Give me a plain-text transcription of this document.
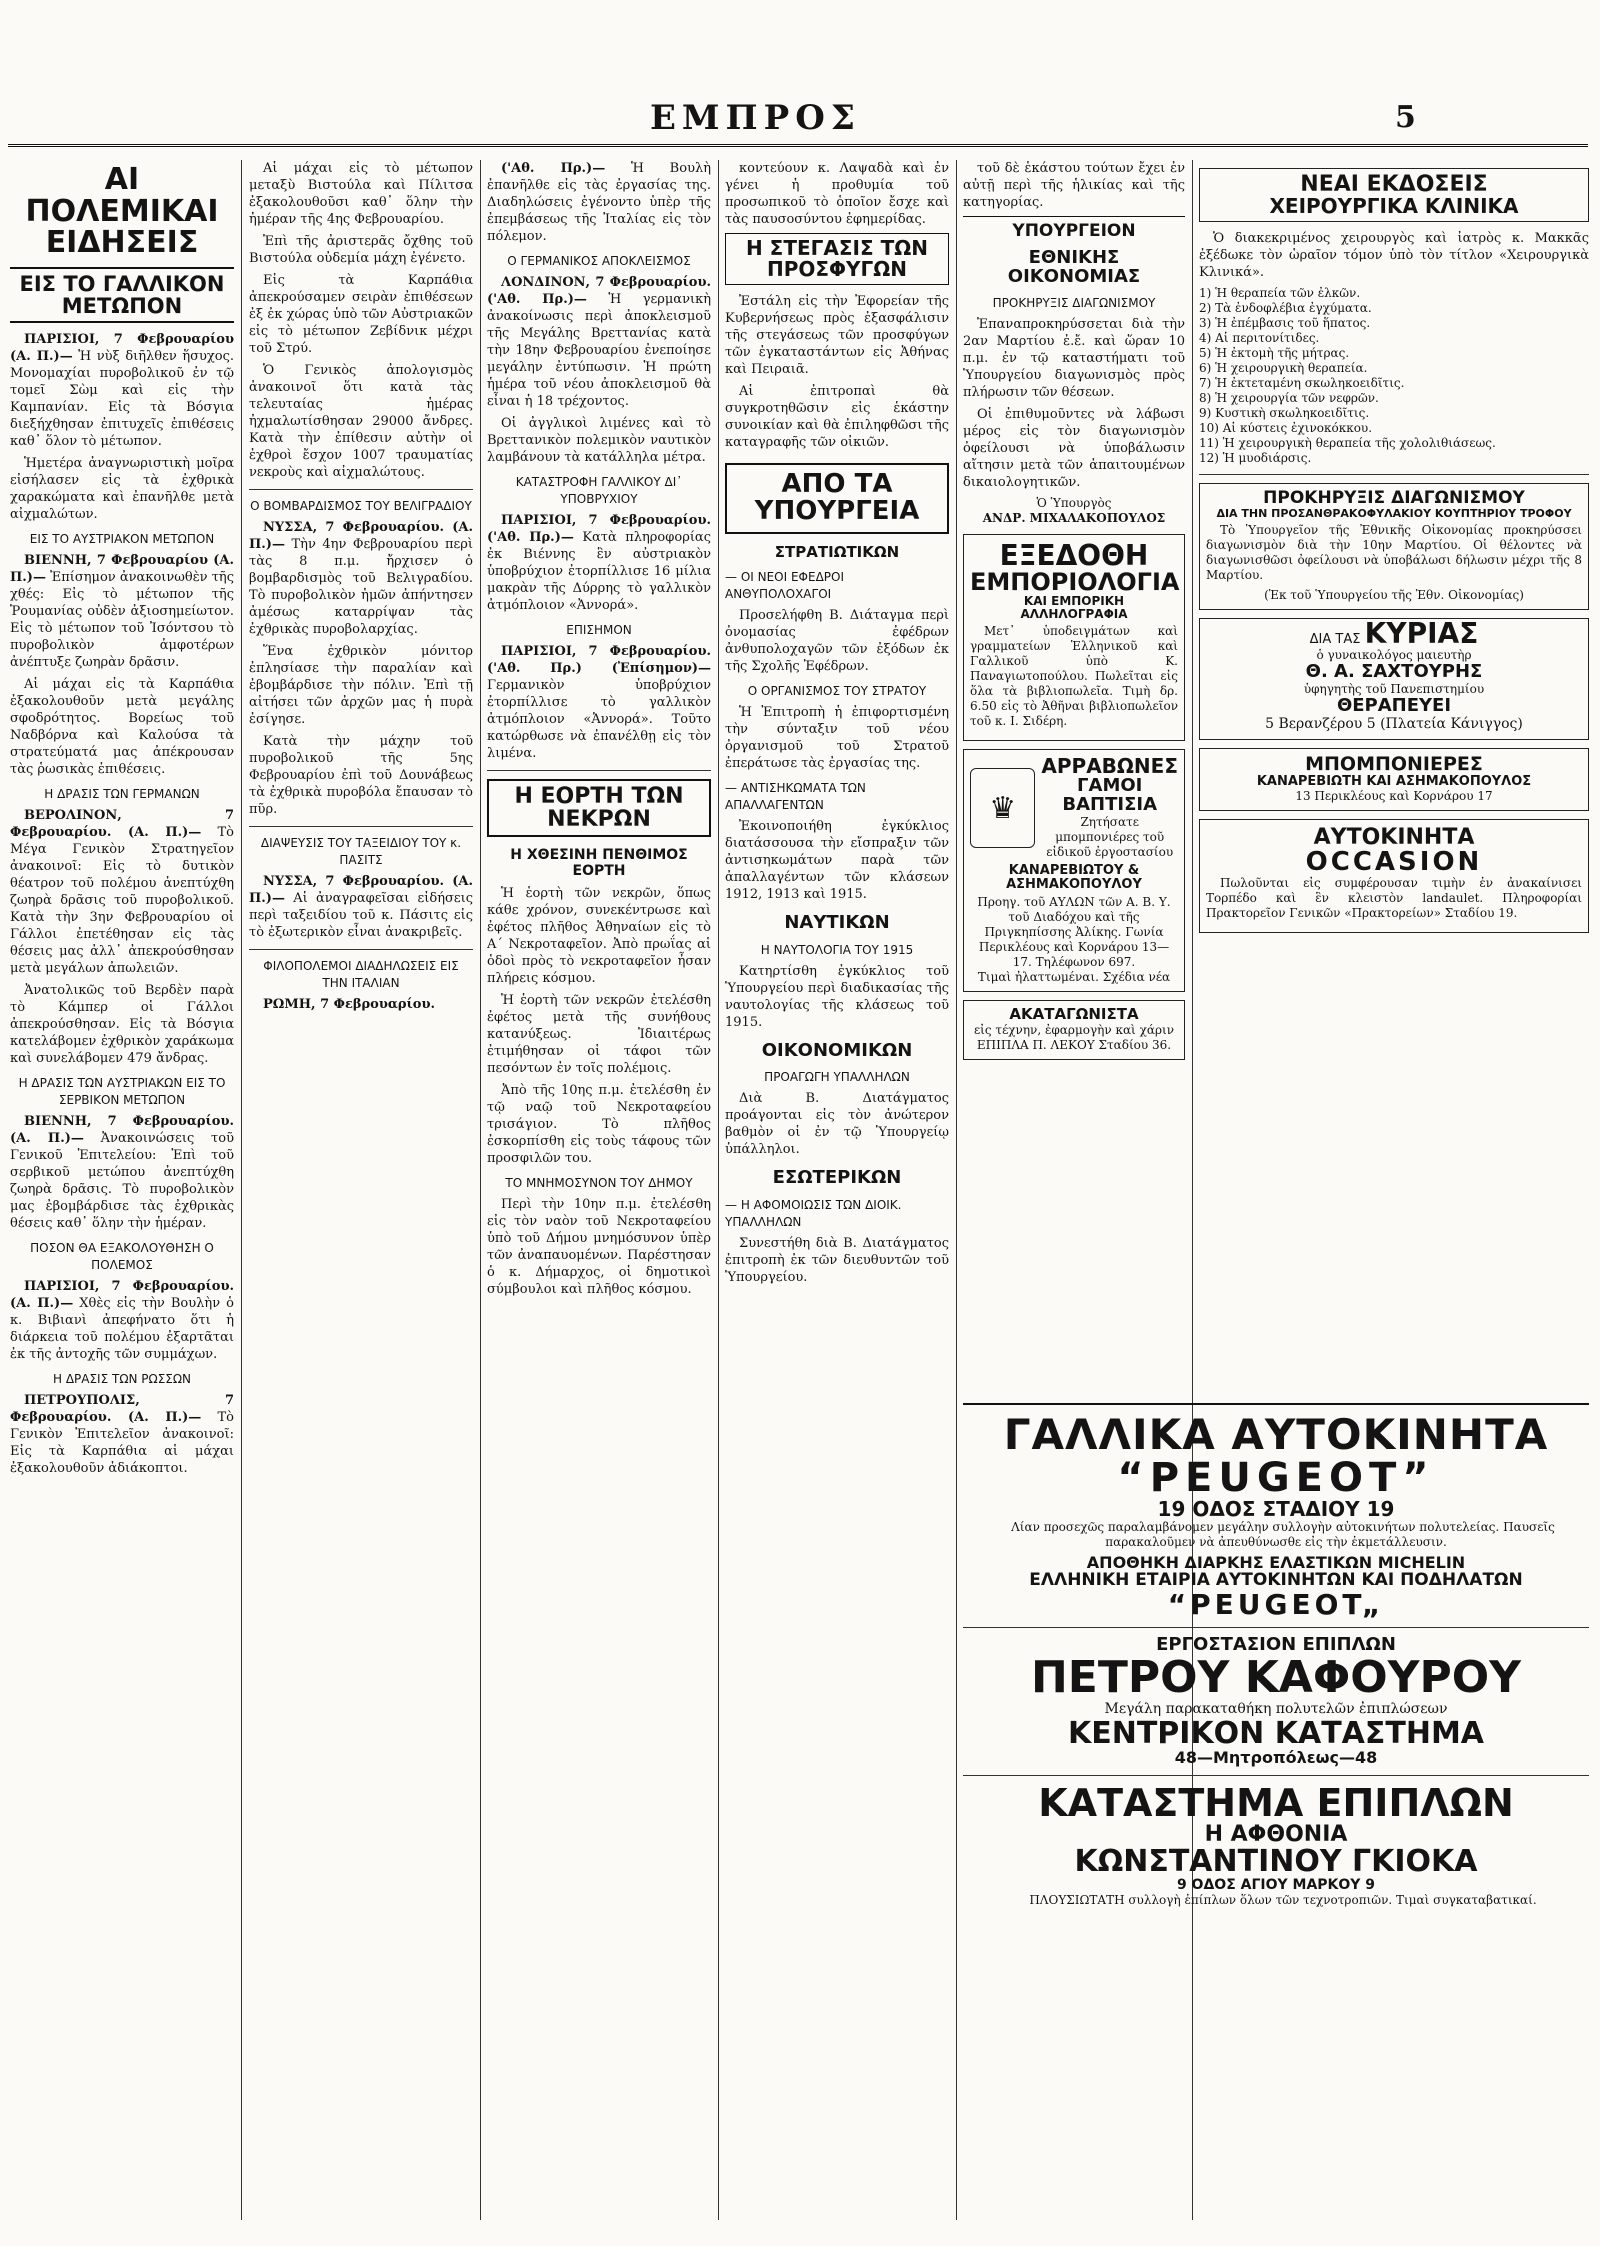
ΕΜΠΡΟΣ	5
ΑΙ ΠΟΛΕΜΙΚΑΙ ΕΙΔΗΣΕΙΣ
ΕΙΣ ΤΟ ΓΑΛΛΙΚΟΝ ΜΕΤΩΠΟΝ

ΠΑΡΙΣΙΟΙ, 7 Φεβρουαρίου (Α. Π.)— Ἡ νὺξ διῆλθεν ἥσυχος. Μονομαχίαι πυροβολικοῦ ἐν τῷ τομεῖ Σὼμ καὶ εἰς τὴν Καμπανίαν. Εἰς τὰ Βόσγια διεξήχθησαν ἐπιτυχεῖς ἐπιθέσεις καθ᾽ ὅλον τὸ μέτωπον.

Ἡμετέρα ἀναγνωριστικὴ μοῖρα εἰσήλασεν εἰς τὰ ἐχθρικὰ χαρακώματα καὶ ἐπανῆλθε μετὰ αἰχμαλώτων.

ΕΙΣ ΤΟ ΑΥΣΤΡΙΑΚΟΝ ΜΕΤΩΠΟΝ

ΒΙΕΝΝΗ, 7 Φεβρουαρίου (Α. Π.)— Ἐπίσημον ἀνακοινωθὲν τῆς χθές: Εἰς τὸ μέτωπον τῆς Ῥουμανίας οὐδὲν ἀξιοσημείωτον. Εἰς τὸ μέτωπον τοῦ Ἰσόντσου τὸ πυροβολικὸν ἀμφοτέρων ἀνέπτυξε ζωηρὰν δρᾶσιν.

Αἱ μάχαι εἰς τὰ Καρπάθια ἐξακολουθοῦν μετὰ μεγάλης σφοδρότητος. Βορείως τοῦ Ναδβόρνα καὶ Καλούσα τὰ στρατεύματά μας ἀπέκρουσαν τὰς ῥωσικὰς ἐπιθέσεις.

Η ΔΡΑΣΙΣ ΤΩΝ ΓΕΡΜΑΝΩΝ

ΒΕΡΟΛΙΝΟΝ, 7 Φεβρουαρίου. (Α. Π.)— Τὸ Μέγα Γενικὸν Στρατηγεῖον ἀνακοινοῖ: Εἰς τὸ δυτικὸν θέατρον τοῦ πολέμου ἀνεπτύχθη ζωηρὰ δρᾶσις τοῦ πυροβολικοῦ. Κατὰ τὴν 3ην Φεβρουαρίου οἱ Γάλλοι ἐπετέθησαν εἰς τὰς θέσεις μας ἀλλ᾽ ἀπεκρούσθησαν μετὰ μεγάλων ἀπωλειῶν.

Ἀνατολικῶς τοῦ Βερδὲν παρὰ τὸ Κάμπερ οἱ Γάλλοι ἀπεκρούσθησαν. Εἰς τὰ Βόσγια κατελάβομεν ἐχθρικὸν χαράκωμα καὶ συνελάβομεν 479 ἄνδρας.

Η ΔΡΑΣΙΣ ΤΩΝ ΑΥΣΤΡΙΑΚΩΝ ΕΙΣ ΤΟ ΣΕΡΒΙΚΟΝ ΜΕΤΩΠΟΝ

ΒΙΕΝΝΗ, 7 Φεβρουαρίου. (Α. Π.)— Ἀνακοινώσεις τοῦ Γενικοῦ Ἐπιτελείου: Ἐπὶ τοῦ σερβικοῦ μετώπου ἀνεπτύχθη ζωηρὰ δρᾶσις. Τὸ πυροβολικὸν μας ἐβομβάρδισε τὰς ἐχθρικὰς θέσεις καθ᾽ ὅλην τὴν ἡμέραν.

ΠΟΣΟΝ ΘΑ ΕΞΑΚΟΛΟΥΘΗΣΗ Ο ΠΟΛΕΜΟΣ

ΠΑΡΙΣΙΟΙ, 7 Φεβρουαρίου. (Α. Π.)— Χθὲς εἰς τὴν Βουλὴν ὁ κ. Βιβιανὶ ἀπεφήνατο ὅτι ἡ διάρκεια τοῦ πολέμου ἐξαρτᾶται ἐκ τῆς ἀντοχῆς τῶν συμμάχων.

Η ΔΡΑΣΙΣ ΤΩΝ ΡΩΣΣΩΝ

ΠΕΤΡΟΥΠΟΛΙΣ, 7 Φεβρουαρίου. (Α. Π.)— Τὸ Γενικὸν Ἐπιτελεῖον ἀνακοινοῖ: Εἰς τὰ Καρπάθια αἱ μάχαι ἐξακολουθοῦν ἀδιάκοπτοι.

Αἱ μάχαι εἰς τὸ μέτωπον μεταξὺ Βιστούλα καὶ Πίλιτσα ἐξακολουθοῦσι καθ᾽ ὅλην τὴν ἡμέραν τῆς 4ης Φεβρουαρίου.

Ἐπὶ τῆς ἀριστερᾶς ὄχθης τοῦ Βιστούλα οὐδεμία μάχη ἐγένετο.

Εἰς τὰ Καρπάθια ἀπεκρούσαμεν σειρὰν ἐπιθέσεων ἐξ ἐκ χώρας ὑπὸ τῶν Αὐστριακῶν εἰς τὸ μέτωπον Ζεβίδνικ μέχρι τοῦ Στρύ.

Ὁ Γενικὸς ἀπολογισμὸς ἀνακοινοῖ ὅτι κατὰ τὰς τελευταίας ἡμέρας ἠχμαλωτίσθησαν 29000 ἄνδρες. Κατὰ τὴν ἐπίθεσιν αὐτὴν οἱ ἐχθροὶ ἔσχον 1007 τραυματίας νεκροὺς καὶ αἰχμαλώτους.

Ο ΒΟΜΒΑΡΔΙΣΜΟΣ ΤΟΥ ΒΕΛΙΓΡΑΔΙΟΥ

ΝΥΣΣΑ, 7 Φεβρουαρίου. (Α. Π.)— Τὴν 4ην Φεβρουαρίου περὶ τὰς 8 π.μ. ἤρχισεν ὁ βομβαρδισμὸς τοῦ Βελιγραδίου. Τὸ πυροβολικὸν ἡμῶν ἀπήντησεν ἀμέσως καταρρίψαν τὰς ἐχθρικὰς πυροβολαρχίας.

Ἕνα ἐχθρικὸν μόνιτορ ἐπλησίασε τὴν παραλίαν καὶ ἐβομβάρδισε τὴν πόλιν. Ἐπὶ τῇ αἰτήσει τῶν ἀρχῶν μας ἡ πυρὰ ἐσίγησε.

Κατὰ τὴν μάχην τοῦ πυροβολικοῦ τῆς 5ης Φεβρουαρίου ἐπὶ τοῦ Δουνάβεως τὰ ἐχθρικὰ πυροβόλα ἔπαυσαν τὸ πῦρ.

ΔΙΑΨΕΥΣΙΣ ΤΟΥ ΤΑΞΕΙΔΙΟΥ ΤΟΥ κ. ΠΑΣΙΤΣ

ΝΥΣΣΑ, 7 Φεβρουαρίου. (Α. Π.)— Αἱ ἀναγραφεῖσαι εἰδήσεις περὶ ταξειδίου τοῦ κ. Πάσιτς εἰς τὸ ἐξωτερικὸν εἶναι ἀνακριβεῖς.

ΦΙΛΟΠΟΛΕΜΟΙ ΔΙΑΔΗΛΩΣΕΙΣ ΕΙΣ ΤΗΝ ΙΤΑΛΙΑΝ

ΡΩΜΗ, 7 Φεβρουαρίου.

('Αθ. Πρ.)— Ἡ Βουλὴ ἐπανῆλθε εἰς τὰς ἐργασίας της. Διαδηλώσεις ἐγένοντο ὑπὲρ τῆς ἐπεμβάσεως τῆς Ἰταλίας εἰς τὸν πόλεμον.

Ο ΓΕΡΜΑΝΙΚΟΣ ΑΠΟΚΛΕΙΣΜΟΣ

ΛΟΝΔΙΝΟΝ, 7 Φεβρουαρίου. ('Αθ. Πρ.)— Ἡ γερμανικὴ ἀνακοίνωσις περὶ ἀποκλεισμοῦ τῆς Μεγάλης Βρεττανίας κατὰ τὴν 18ην Φεβρουαρίου ἐνεποίησε μεγάλην ἐντύπωσιν. Ἡ πρώτη ἡμέρα τοῦ νέου ἀποκλεισμοῦ θὰ εἶναι ἡ 18 τρέχοντος.

Οἱ ἀγγλικοὶ λιμένες καὶ τὸ Βρεττανικὸν πολεμικὸν ναυτικὸν λαμβάνουν τὰ κατάλληλα μέτρα.

ΚΑΤΑΣΤΡΟΦΗ ΓΑΛΛΙΚΟΥ ΔΙ᾽ ΥΠΟΒΡΥΧΙΟΥ

ΠΑΡΙΣΙΟΙ, 7 Φεβρουαρίου. ('Αθ. Πρ.)— Κατὰ πληροφορίας ἐκ Βιέννης ἓν αὐστριακὸν ὑποβρύχιον ἐτορπίλλισε 16 μίλια μακρὰν τῆς Δύρρης τὸ γαλλικὸν ἀτμόπλοιον «Ἀννορά».

ΕΠΙΣΗΜΟΝ

ΠΑΡΙΣΙΟΙ, 7 Φεβρουαρίου. ('Αθ. Πρ.) (Ἐπίσημον)— Γερμανικὸν ὑποβρύχιον ἐτορπίλλισε τὸ γαλλικὸν ἀτμόπλοιον «Ἀννορά». Τοῦτο κατώρθωσε νὰ ἐπανέλθῃ εἰς τὸν λιμένα.

Η ΕΟΡΤΗ ΤΩΝ ΝΕΚΡΩΝ
Η ΧΘΕΣΙΝΗ ΠΕΝΘΙΜΟΣ ΕΟΡΤΗ

Ἡ ἑορτὴ τῶν νεκρῶν, ὅπως κάθε χρόνον, συνεκέντρωσε καὶ ἐφέτος πλῆθος Ἀθηναίων εἰς τὸ Α΄ Νεκροταφεῖον. Ἀπὸ πρωΐας αἱ ὁδοὶ πρὸς τὸ νεκροταφεῖον ἦσαν πλήρεις κόσμου.

Ἡ ἑορτὴ τῶν νεκρῶν ἐτελέσθη ἐφέτος μετὰ τῆς συνήθους κατανύξεως. Ἰδιαιτέρως ἐτιμήθησαν οἱ τάφοι τῶν πεσόντων ἐν τοῖς πολέμοις.

Ἀπὸ τῆς 10ης π.μ. ἐτελέσθη ἐν τῷ ναῷ τοῦ Νεκροταφείου τρισάγιον. Τὸ πλῆθος ἐσκορπίσθη εἰς τοὺς τάφους τῶν προσφιλῶν του.

ΤΟ ΜΝΗΜΟΣΥΝΟΝ ΤΟΥ ΔΗΜΟΥ

Περὶ τὴν 10ην π.μ. ἐτελέσθη εἰς τὸν ναὸν τοῦ Νεκροταφείου ὑπὸ τοῦ Δήμου μνημόσυνον ὑπὲρ τῶν ἀναπαυομένων. Παρέστησαν ὁ κ. Δήμαρχος, οἱ δημοτικοὶ σύμβουλοι καὶ πλῆθος κόσμου.

κοντεύουν κ. Λαψαδὰ καὶ ἐν γένει ἡ προθυμία τοῦ προσωπικοῦ τὸ ὁποῖον ἔσχε καὶ τὰς παυσοσύντου ἐφημερίδας.

Η ΣΤΕΓΑΣΙΣ ΤΩΝ ΠΡΟΣΦΥΓΩΝ

Ἐστάλη εἰς τὴν Ἐφορείαν τῆς Κυβερνήσεως πρὸς ἐξασφάλισιν τῆς στεγάσεως τῶν προσφύγων τῶν ἐγκαταστάντων εἰς Ἀθήνας καὶ Πειραιᾶ.

Αἱ ἐπιτροπαὶ θὰ συγκροτηθῶσιν εἰς ἑκάστην συνοικίαν καὶ θὰ ἐπιληφθῶσι τῆς καταγραφῆς τῶν οἰκιῶν.

ΑΠΟ ΤΑ ΥΠΟΥΡΓΕΙΑ
ΣΤΡΑΤΙΩΤΙΚΩΝ
— ΟΙ ΝΕΟΙ ΕΦΕΔΡΟΙ ΑΝΘΥΠΟΛΟΧΑΓΟΙ

Προσελήφθη Β. Διάταγμα περὶ ὀνομασίας ἐφέδρων ἀνθυπολοχαγῶν τῶν ἐξόδων ἐκ τῆς Σχολῆς Ἐφέδρων.

Ο ΟΡΓΑΝΙΣΜΟΣ ΤΟΥ ΣΤΡΑΤΟΥ

Ἡ Ἐπιτροπὴ ἡ ἐπιφορτισμένη τὴν σύνταξιν τοῦ νέου ὀργανισμοῦ τοῦ Στρατοῦ ἐπεράτωσε τὰς ἐργασίας της.

— ΑΝΤΙΣΗΚΩΜΑΤΑ ΤΩΝ ΑΠΑΛΛΑΓΕΝΤΩΝ

Ἐκοινοποιήθη ἐγκύκλιος διατάσσουσα τὴν εἴσπραξιν τῶν ἀντισηκωμάτων παρὰ τῶν ἀπαλλαγέντων τῶν κλάσεων 1912, 1913 καὶ 1915.

ΝΑΥΤΙΚΩΝ
Η ΝΑΥΤΟΛΟΓΙΑ ΤΟΥ 1915

Κατηρτίσθη ἐγκύκλιος τοῦ Ὑπουργείου περὶ διαδικασίας τῆς ναυτολογίας τῆς κλάσεως τοῦ 1915.

ΟΙΚΟΝΟΜΙΚΩΝ
ΠΡΟΑΓΩΓΗ ΥΠΑΛΛΗΛΩΝ

Διὰ Β. Διατάγματος προάγονται εἰς τὸν ἀνώτερον βαθμὸν οἱ ἐν τῷ Ὑπουργείῳ ὑπάλληλοι.

ΕΣΩΤΕΡΙΚΩΝ
— Η ΑΦΟΜΟΙΩΣΙΣ ΤΩΝ ΔΙΟΙΚ. ΥΠΑΛΛΗΛΩΝ

Συνεστήθη διὰ Β. Διατάγματος ἐπιτροπὴ ἐκ τῶν διευθυντῶν τοῦ Ὑπουργείου.

τοῦ δὲ ἑκάστου τούτων ἔχει ἐν αὐτῇ περὶ τῆς ἡλικίας καὶ τῆς κατηγορίας.

ΥΠΟΥΡΓΕΙΟΝ
ΕΘΝΙΚΗΣ ΟΙΚΟΝΟΜΙΑΣ
ΠΡΟΚΗΡΥΞΙΣ ΔΙΑΓΩΝΙΣΜΟΥ

Ἐπαναπροκηρύσσεται διὰ τὴν 2αν Μαρτίου ἐ.ἔ. καὶ ὥραν 10 π.μ. ἐν τῷ καταστήματι τοῦ Ὑπουργείου διαγωνισμὸς πρὸς πλήρωσιν τῶν θέσεων.

Οἱ ἐπιθυμοῦντες νὰ λάβωσι μέρος εἰς τὸν διαγωνισμὸν ὀφείλουσι νὰ ὑποβάλωσιν αἴτησιν μετὰ τῶν ἀπαιτουμένων δικαιολογητικῶν.

Ὁ Ὑπουργὸς
ΑΝΔΡ. ΜΙΧΑΛΑΚΟΠΟΥΛΟΣ
ΕΞΕΔΟΘΗ
ΕΜΠΟΡΙΟΛΟΓΙΑ
ΚΑΙ ΕΜΠΟΡΙΚΗ ΑΛΛΗΛΟΓΡΑΦΙΑ

Μετ᾽ ὑποδειγμάτων καὶ γραμματείων Ἑλληνικοῦ καὶ Γαλλικοῦ ὑπὸ Κ. Παναγιωτοπούλου. Πωλεῖται εἰς ὅλα τὰ βιβλιοπωλεῖα. Τιμὴ δρ. 6.50 εἰς τὸ Ἀθῆναι βιβλιοπωλεῖον τοῦ κ. Ι. Σιδέρη.

♛
ΑΡΡΑΒΩΝΕΣ
ΓΑΜΟΙ
ΒΑΠΤΙΣΙΑ
Ζητήσατε μπομπονιέρες τοῦ εἰδικοῦ ἐργοστασίου
ΚΑΝΑΡΕΒΙΩΤΟΥ & ΑΣΗΜΑΚΟΠΟΥΛΟΥ
Προηγ. τοῦ ΑΥΛΩΝ τῶν Α. Β. Υ. τοῦ Διαδόχου καὶ τῆς Πριγκηπίσσης Ἀλίκης. Γωνία Περικλέους καὶ Κορνάρου 13—17. Τηλέφωνον 697.
Τιμαὶ ἠλαττωμέναι. Σχέδια νέα
ΑΚΑΤΑΓΩΝΙΣΤΑ
εἰς τέχνην, ἐφαρμογὴν καὶ χάριν ΕΠΙΠΛΑ Π. ΛΕΚΟΥ Σταδίου 36.
ΝΕΑΙ ΕΚΔΟΣΕΙΣ
ΧΕΙΡΟΥΡΓΙΚΑ ΚΛΙΝΙΚΑ

Ὁ διακεκριμένος χειρουργὸς καὶ ἰατρὸς κ. Μακκᾶς ἐξέδωκε τὸν ὡραῖον τόμον ὑπὸ τὸν τίτλον «Χειρουργικὰ Κλινικά».

1) Ἡ θεραπεία τῶν ἐλκῶν.
2) Τὰ ἐνδοφλέβια ἐγχύματα.
3) Ἡ ἐπέμβασις τοῦ ἥπατος.
4) Αἱ περιτονίτιδες.
5) Ἡ ἐκτομὴ τῆς μήτρας.
6) Ἡ χειρουργικὴ θεραπεία.
7) Ἡ ἐκτεταμένη σκωληκοειδῖτις.
8) Ἡ χειρουργία τῶν νεφρῶν.
9) Κυστικὴ σκωληκοειδῖτις.
10) Αἱ κύστεις ἐχινοκόκκου.
11) Ἡ χειρουργικὴ θεραπεία τῆς χολολιθιάσεως.
12) Ἡ μυοδιάρσις.
ΠΡΟΚΗΡΥΞΙΣ ΔΙΑΓΩΝΙΣΜΟΥ
ΔΙΑ ΤΗΝ ΠΡΟΣΑΝΘΡΑΚΟΦΥΛΑΚΙΟΥ ΚΟΥΠΤΗΡΙΟΥ ΤΡΟΦΟΥ

Τὸ Ὑπουργεῖον τῆς Ἐθνικῆς Οἰκονομίας προκηρύσσει διαγωνισμὸν διὰ τὴν 10ην Μαρτίου. Οἱ θέλοντες νὰ διαγωνισθῶσι ὀφείλουσι νὰ ὑποβάλωσι δήλωσιν μέχρι τῆς 8 Μαρτίου.

(Ἐκ τοῦ Ὑπουργείου τῆς Ἐθν. Οἰκονομίας)
ΔΙΑ ΤΑΣ ΚΥΡΙΑΣ
ὁ γυναικολόγος μαιευτὴρ
Θ. Α. ΣΑΧΤΟΥΡΗΣ
ὑφηγητὴς τοῦ Πανεπιστημίου
ΘΕΡΑΠΕΥΕΙ
5 Βερανζέρου 5 (Πλατεία Κάνιγγος)
ΜΠΟΜΠΟΝΙΕΡΕΣ
ΚΑΝΑΡΕΒΙΩΤΗ ΚΑΙ ΑΣΗΜΑΚΟΠΟΥΛΟΣ
13 Περικλέους καὶ Κορνάρου 17
ΑΥΤΟΚΙΝΗΤΑ
OCCASION

Πωλοῦνται εἰς συμφέρουσαν τιμὴν ἐν ἀνακαίνισει Τορπέδο καὶ ἓν κλειστὸν landaulet. Πληροφορίαι Πρακτορεῖον Γενικῶν «Πρακτορείων» Σταδίου 19.

ΓΑΛΛΙΚΑ ΑΥΤΟΚΙΝΗΤΑ
“PEUGEOT”
19 ΟΔΟΣ ΣΤΑΔΙΟΥ 19

Λίαν προσεχῶς παραλαμβάνομεν μεγάλην συλλογὴν αὐτοκινήτων πολυτελείας. Παυσεῖς παρακαλοῦμεν νὰ ἀπευθύνωσθε εἰς τὴν ἐκμετάλλευσιν.

ΑΠΟΘΗΚΗ ΔΙΑΡΚΗΣ ΕΛΑΣΤΙΚΩΝ MICHELIN
ΕΛΛΗΝΙΚΗ ΕΤΑΙΡΙΑ ΑΥΤΟΚΙΝΗΤΩΝ ΚΑΙ ΠΟΔΗΛΑΤΩΝ
“PEUGEOT„
ΕΡΓΟΣΤΑΣΙΟΝ ΕΠΙΠΛΩΝ
ΠΕΤΡΟΥ ΚΑΦΟΥΡΟΥ
Μεγάλη παρακαταθήκη πολυτελῶν ἐπιπλώσεων
ΚΕΝΤΡΙΚΟΝ ΚΑΤΑΣΤΗΜΑ
48—Μητροπόλεως—48
ΚΑΤΑΣΤΗΜΑ ΕΠΙΠΛΩΝ
Η ΑΦΘΟΝΙΑ
ΚΩΝΣΤΑΝΤΙΝΟΥ ΓΚΙΟΚΑ
9 ΟΔΟΣ ΑΓΙΟΥ ΜΑΡΚΟΥ 9

ΠΛΟΥΣΙΩΤΑΤΗ συλλογὴ ἐπίπλων ὅλων τῶν τεχνοτροπιῶν. Τιμαὶ συγκαταβατικαί.
